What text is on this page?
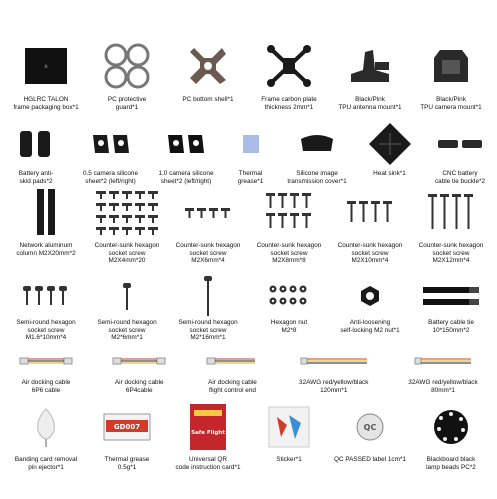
H
HGLRC TALON
frame packaging box*1
PC protective
guard*1
PC bottom shell*1	Frame carbon plate
thickness 2mm*1
Black/Pink
TPU antenna mount*1
Black/Pink
TPU camera mount*1
Battery anti-
skid pads*2
0.5 camera silicone
sheet*2 (left/right)
1.0 camera silicone
sheet*2 (left/right)
Thermal
grease*1
Silicone image
transmission cover*1
Heat sink*1	CNC battery
cable tie buckle*2
Network aluminum
column M2X20mm*2
Counter-sunk hexagon
socket screw
M2X4mm*20
Counter-sunk hexagon
socket screw
M2X6mm*4
Counter-sunk hexagon
socket screw
M2X8mm*8
Counter-sunk hexagon
socket screw
M2X10mm*4
Counter-sunk hexagon
socket screw
M2X12mm*4
Semi-round hexagon
socket screw
M1.6*10mm*4
Semi-round hexagon
socket screw
M2*6mm*1
Semi-round hexagon
socket screw
M2*16mm*1
Hexagon nut
M2*8
Anti-loosening
self-locking M2 nut*1
Battery cable tie
10*150mm*2
Air docking cable
6P6 cable
Air docking cable
6P4cable
Air docking cable
flight control end
32AWG red/yellow/black
120mm*1
32AWG red/yellow/black
80mm*1
Banding card removal
pin ejector*1
GD007
Thermal grease
0.5g*1
Safe Flight
Universal QR
code instruction card*1
Sticker*1
QC
QC PASSED label 1cm*1	Blackboard black
lamp beads PC*2
